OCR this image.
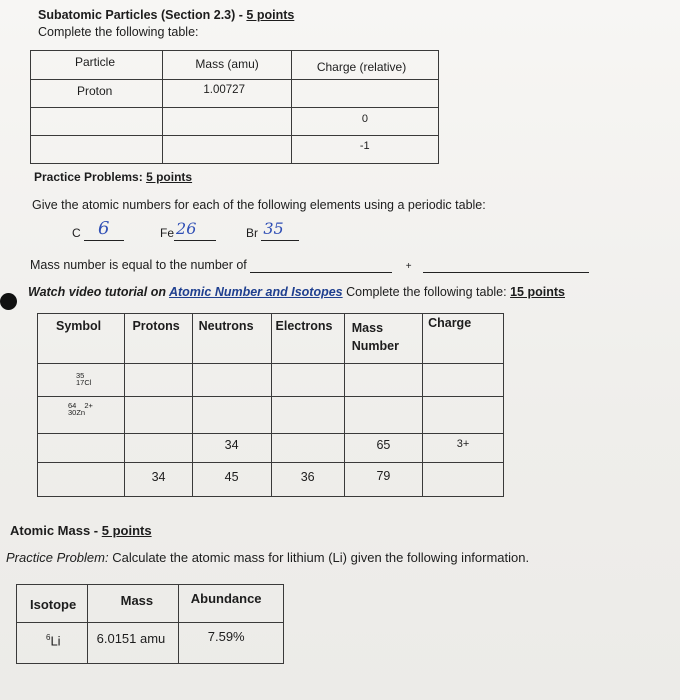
Subatomic Particles (Section 2.3) - 5 points
Complete the following table:
Particle	Mass (amu)	Charge (relative)

Proton	1.00727	

		0

		-1
Practice Problems: 5 points
Give the atomic numbers for each of the following elements using a periodic table:
C 6
	Fe 26
	Br 35

Mass number is equal to the number of	+
Watch video tutorial on Atomic Number and Isotopes Complete the following table: 15 points
Symbol	Protons	Neutrons	Electrons	Mass Number	Charge

35
17Cl					

64 2+
30Zn					

		34		65	3+

	34	45	36	79	

Atomic Mass - 5 points
Practice Problem: Calculate the atomic mass for lithium (Li) given the following information.
Isotope	Mass	Abundance

$^6$Li	6.0151 amu	7.59%
